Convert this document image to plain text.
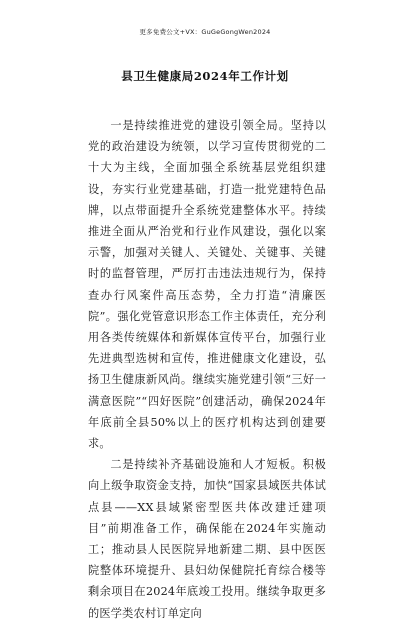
更多免费公文+VX：GuGeGongWen2024
县卫生健康局2024年工作计划

一是持续推进党的建设引领全局。坚持以党的政治建设为统领，以学习宣传贯彻党的二十大为主线，全面加强全系统基层党组织建设，夯实行业党建基础，打造一批党建特色品牌，以点带面提升全系统党建整体水平。持续推进全面从严治党和行业作风建设，强化以案示警，加强对关键人、关键处、关键事、关键时的监督管理，严厉打击违法违规行为，保持查办行风案件高压态势，全力打造“清廉医院”。强化党管意识形态工作主体责任，充分利用各类传统媒体和新媒体宣传平台，加强行业先进典型选树和宣传，推进健康文化建设，弘扬卫生健康新风尚。继续实施党建引领“三好一满意医院”“四好医院”创建活动，确保2024年年底前全县50%以上的医疗机构达到创建要求。

二是持续补齐基础设施和人才短板。积极向上级争取资金支持，加快“国家县域医共体试点县——XX县域紧密型医共体改建迁建项目”前期准备工作，确保能在2024年实施动工；推动县人民医院异地新建二期、县中医医院整体环境提升、县妇幼保健院托育综合楼等剩余项目在2024年底竣工投用。继续争取更多的医学类农村订单定向
